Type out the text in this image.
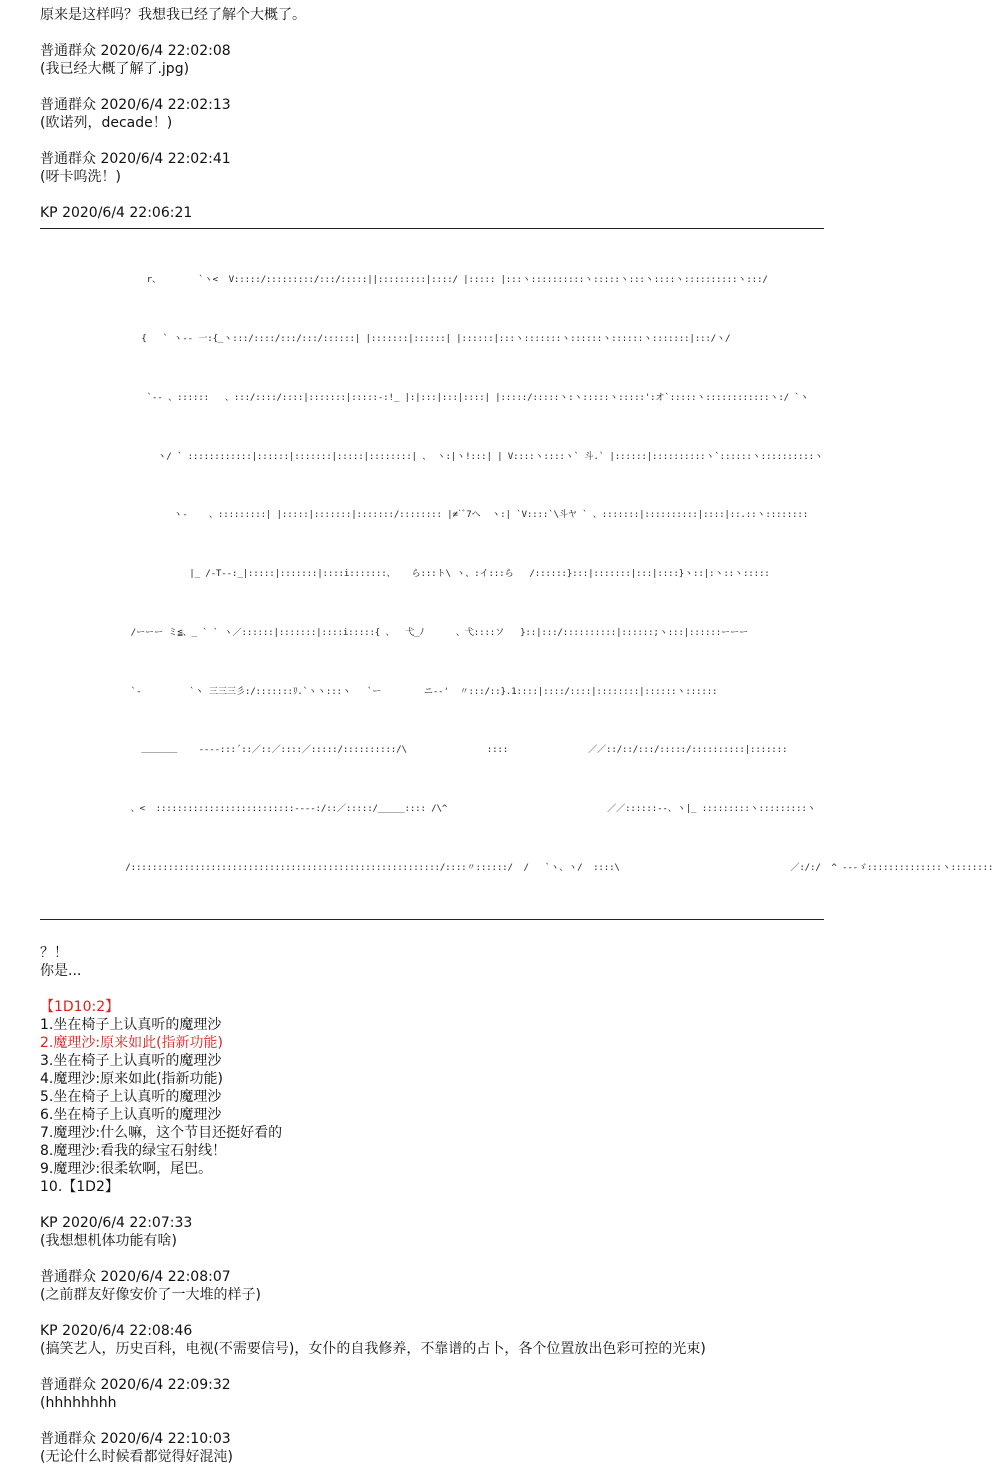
原来是这样吗？我想我已经了解个大概了。
普通群众 2020/6/4 22:02:08
(我已经大概了解了.jpg)
普通群众 2020/6/4 22:02:13
(欧诺列，decade！)
普通群众 2020/6/4 22:02:41
(呀卡呜洗！)
KP 2020/6/4 22:06:21

r、       `ヽ<  V:::::/:::::::::/:::/:::::||:::::::::|::::/ |::::: |:::ヽ::::::::::ヽ:::::ヽ:::ヽ::::ヽ::::::::::ヽ:::/

{   ` ヽ-- 一:{_ヽ:::/::::/:::/:::/::::::| |:::::::|::::::| |::::::|:::ヽ:::::::ヽ::::::ヽ::::::ヽ:::::::|:::/ヽ/

`-- 、::::::   、:::/::::/::::|:::::::|:::::-:!_ |:|:::|:::|::::| |:::::/:::::ヽ:ヽ:::::ヽ:::::':オ`:::::ヽ::::::::::::ヽ:/ `ヽ

ヽ/ ` ::::::::::::|::::::|:::::::|:::::|::::::::| 、 ヽ:|ヽ!:::| | V::::ヽ::::ヽ` 斗.` |::::::|::::::::::ヽ`::::::ヽ::::::::::ヽ

ヽ-    、:::::::::| |:::::|:::::::|:::::::/:::::::: |≠`ﾞ7へ  ヽ:| `V::::`\斗ヤ ` 、:::::::|::::::::::|::::|::.::ヽ::::::::

|_ /-T--:_|:::::|:::::::|::::i:::::::、   ら:::ト\ ヽ、:イ:::ら   /::::::}:::|:::::::|:::|::::}ヽ::|:ヽ::ヽ:::::

/ーーー ミ≦、_ ` ` ヽ／::::::|:::::::|::::i:::::{ 、  弋_ﾉ      、弋::::ソ   }::|:::/::::::::::|::::::;ヽ:::|::::::ーーー

`-         `ヽ 三三三彡:/:::::::ﾘ.`ヽヽ:::ヽ   `ー        ニ--'  〃:::/::}.1::::|::::/::::|::::::::|::::::ヽ::::::

＿＿＿＿    ----:::´::／::／::::／:::::/::::::::::/\               ::::               ／／::/::/:::/:::::/::::::::::|:::::::

、<  ::::::::::::::::::::::::::----:/::／:::::/_____:::: /\^                              ／／::::::--、ヽ|_ :::::::::ヽ:::::::::ヽ

/::::::::::::::::::::::::::::::::::::::::::::::::::::::::::/::::〃::::::/  /   `ヽ、ヽ/  ::::\                                ／:/:/  ^ ---ゞ::::::::::::::ヽ::::::::

？！
你是...
【1D10:2】
1.坐在椅子上认真听的魔理沙
2.魔理沙:原来如此(指新功能)
3.坐在椅子上认真听的魔理沙
4.魔理沙:原来如此(指新功能)
5.坐在椅子上认真听的魔理沙
6.坐在椅子上认真听的魔理沙
7.魔理沙:什么嘛，这个节目还挺好看的
8.魔理沙:看我的绿宝石射线！
9.魔理沙:很柔软啊，尾巴。
10.【1D2】
KP 2020/6/4 22:07:33
(我想想机体功能有啥)
普通群众 2020/6/4 22:08:07
(之前群友好像安价了一大堆的样子)
KP 2020/6/4 22:08:46
(搞笑艺人，历史百科，电视(不需要信号)，女仆的自我修养，不靠谱的占卜，各个位置放出色彩可控的光束)
普通群众 2020/6/4 22:09:32
(hhhhhhhh
普通群众 2020/6/4 22:10:03
(无论什么时候看都觉得好混沌)
